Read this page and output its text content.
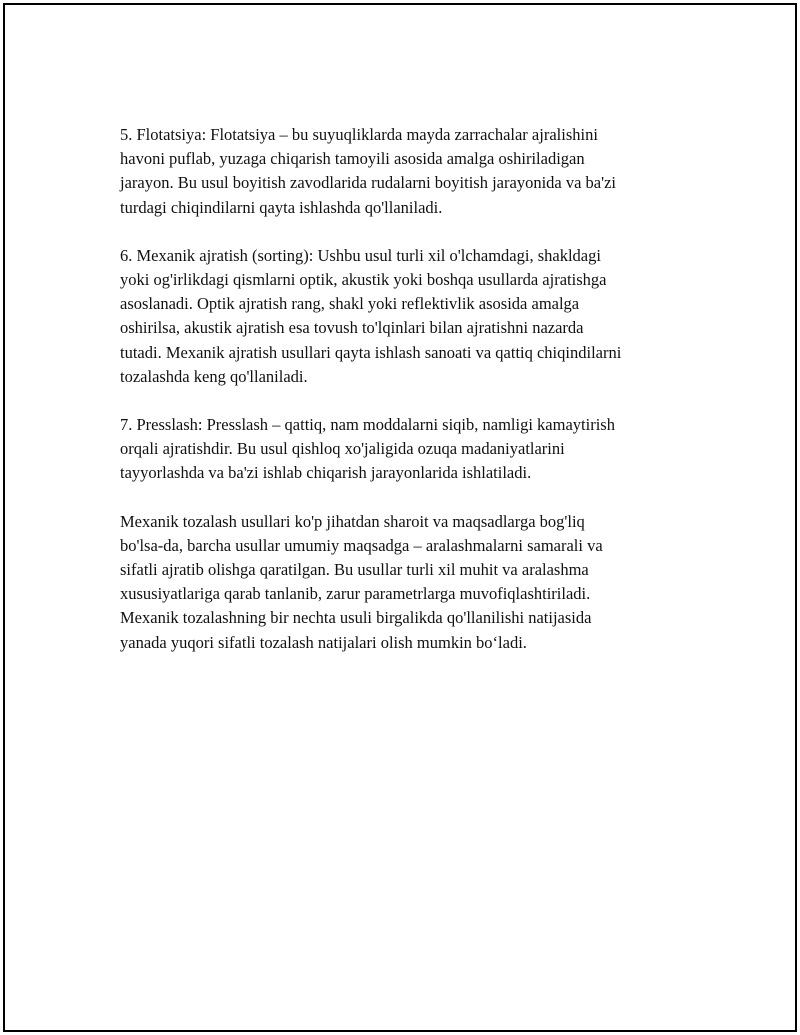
5. Flotatsiya: Flotatsiya – bu suyuqliklarda mayda zarrachalar ajralishini
havoni puflab, yuzaga chiqarish tamoyili asosida amalga oshiriladigan
jarayon. Bu usul boyitish zavodlarida rudalarni boyitish jarayonida va ba'zi
turdagi chiqindilarni qayta ishlashda qo'llaniladi.

6. Mexanik ajratish (sorting): Ushbu usul turli xil o'lchamdagi, shakldagi
yoki og'irlikdagi qismlarni optik, akustik yoki boshqa usullarda ajratishga
asoslanadi. Optik ajratish rang, shakl yoki reflektivlik asosida amalga
oshirilsa, akustik ajratish esa tovush to'lqinlari bilan ajratishni nazarda
tutadi. Mexanik ajratish usullari qayta ishlash sanoati va qattiq chiqindilarni
tozalashda keng qo'llaniladi.

7. Presslash: Presslash – qattiq, nam moddalarni siqib, namligi kamaytirish
orqali ajratishdir. Bu usul qishloq xo'jaligida ozuqa madaniyatlarini
tayyorlashda va ba'zi ishlab chiqarish jarayonlarida ishlatiladi.

Mexanik tozalash usullari ko'p jihatdan sharoit va maqsadlarga bog'liq
bo'lsa-da, barcha usullar umumiy maqsadga – aralashmalarni samarali va
sifatli ajratib olishga qaratilgan. Bu usullar turli xil muhit va aralashma
xususiyatlariga qarab tanlanib, zarur parametrlarga muvofiqlashtiriladi.
Mexanik tozalashning bir nechta usuli birgalikda qo'llanilishi natijasida
yanada yuqori sifatli tozalash natijalari olish mumkin bo‘ladi.
